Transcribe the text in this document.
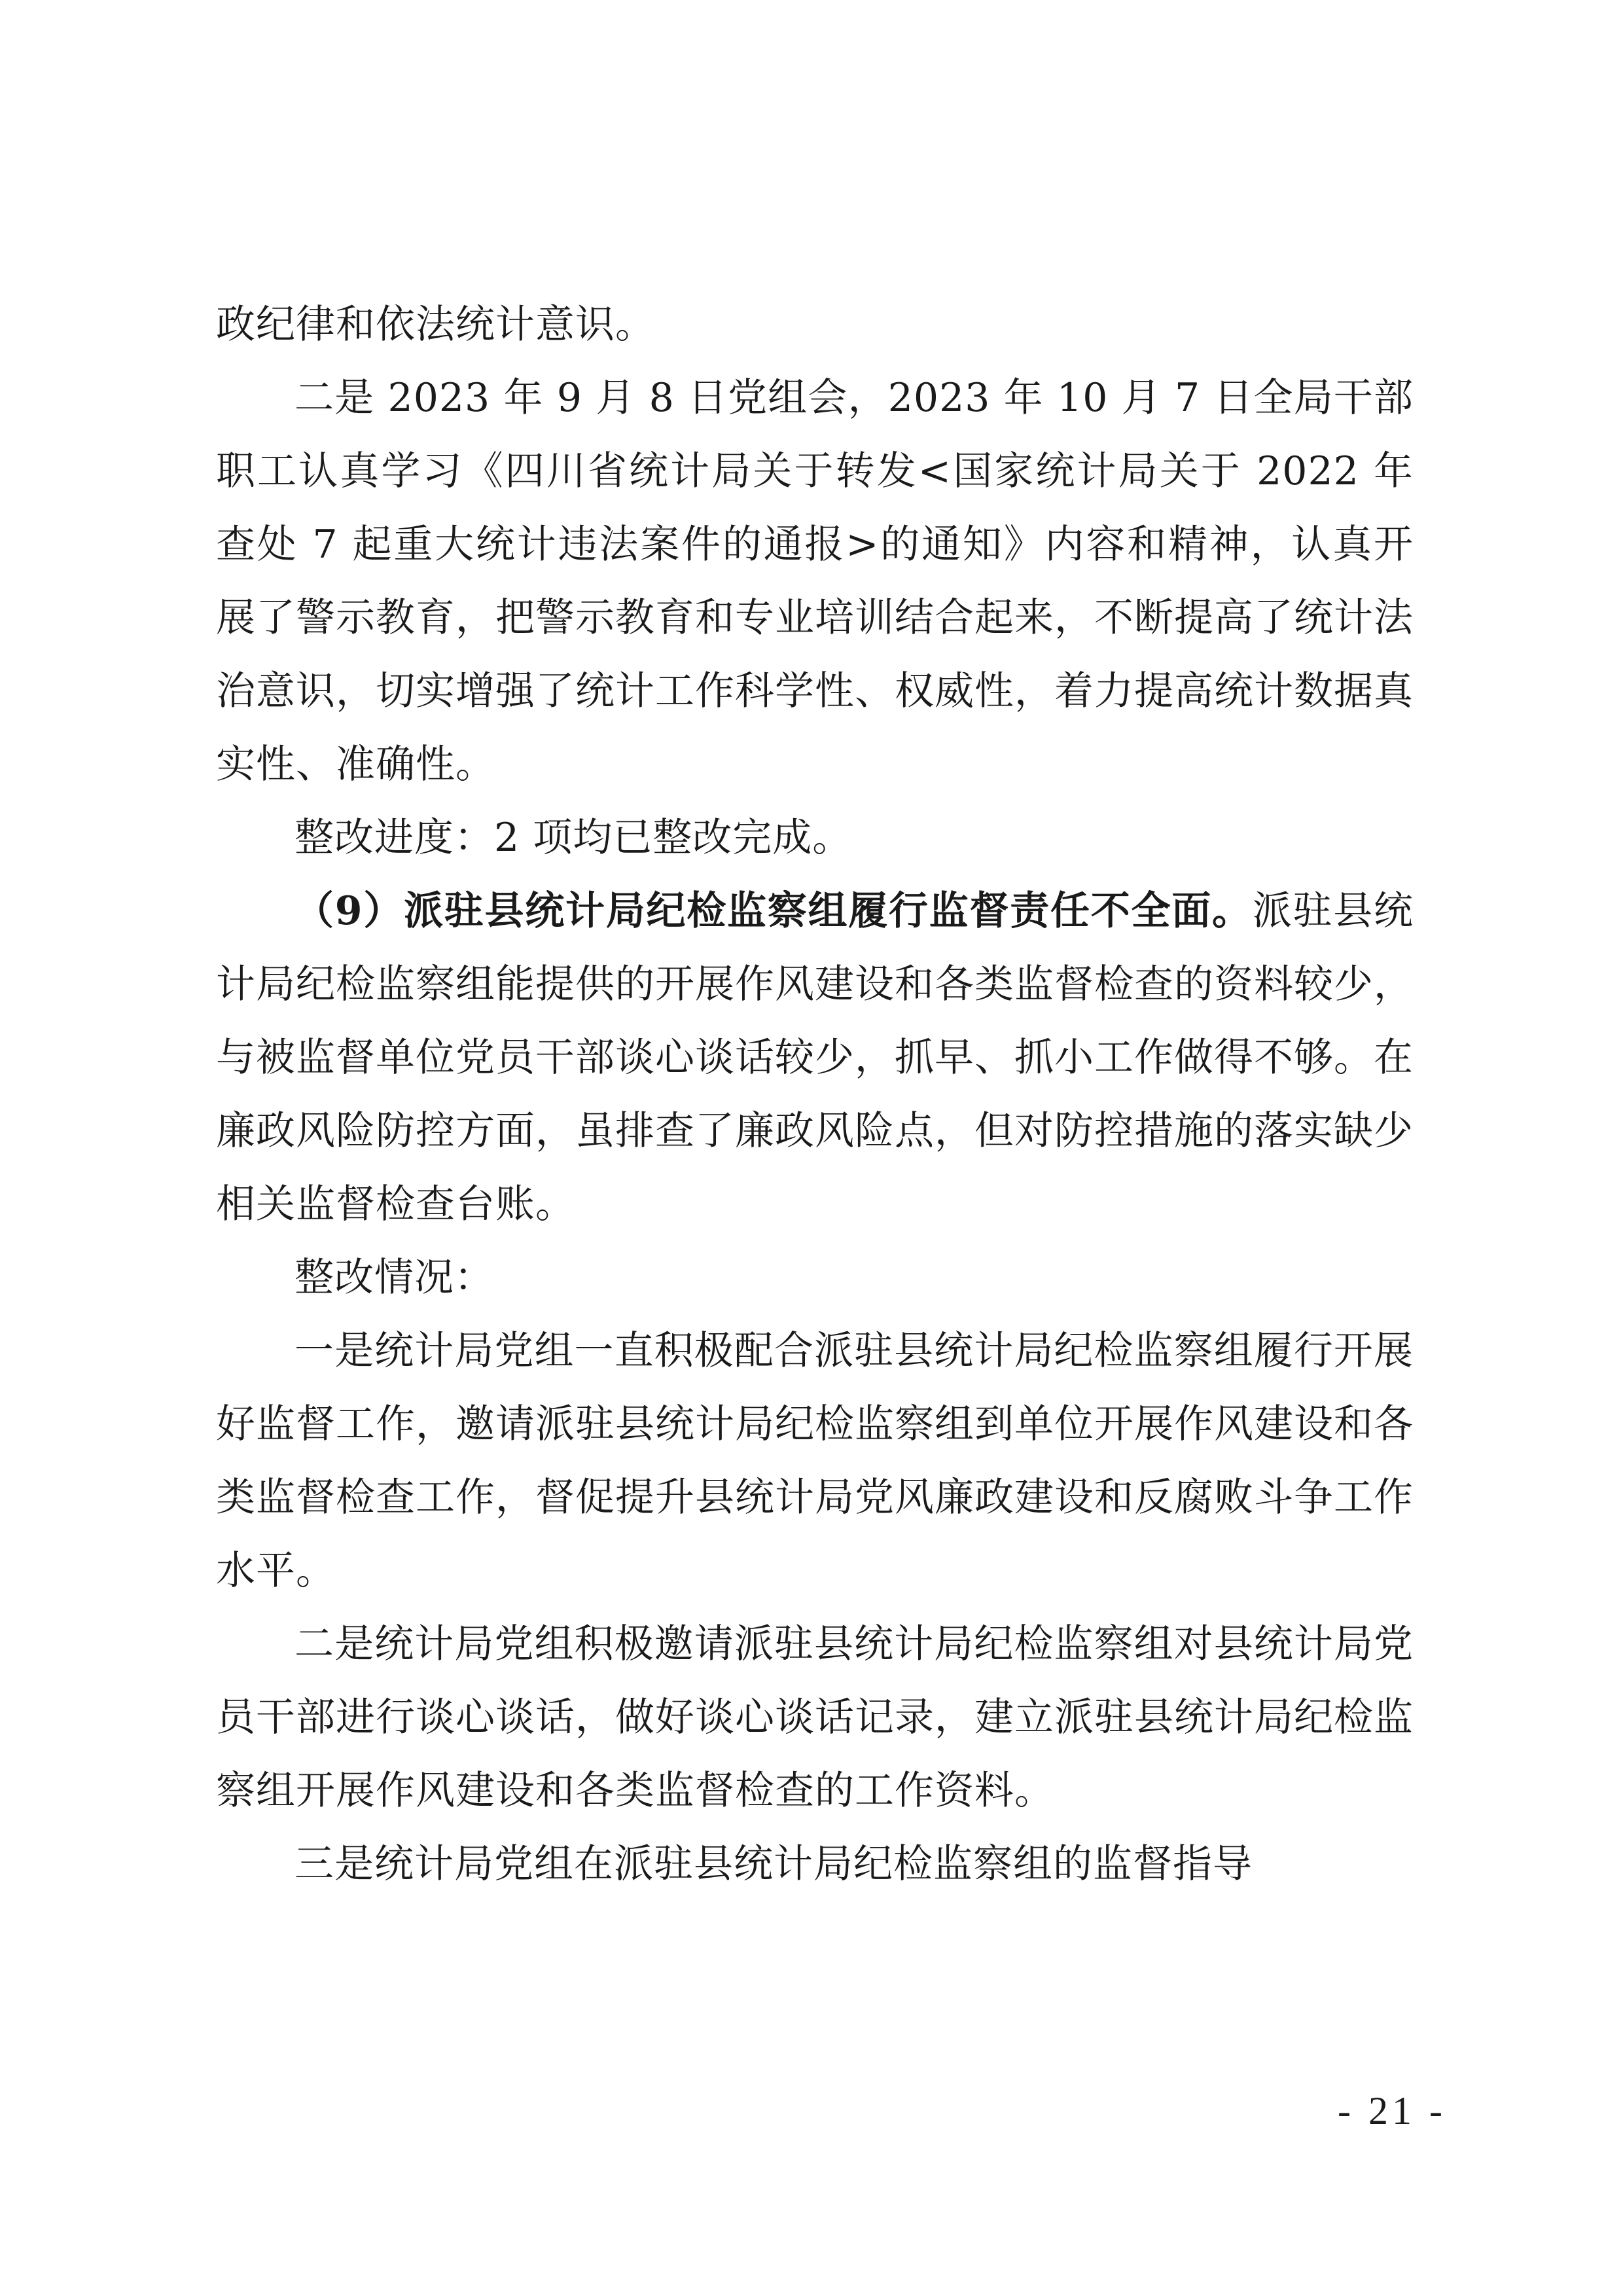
政纪律和依法统计意识。

二是 2023 年 9 月 8 日党组会，2023 年 10 月 7 日全局干部职工认真学习《四川省统计局关于转发<国家统计局关于 2022 年查处 7 起重大统计违法案件的通报>的通知》内容和精神，认真开展了警示教育，把警示教育和专业培训结合起来，不断提高了统计法治意识，切实增强了统计工作科学性、权威性，着力提高统计数据真实性、准确性。

整改进度：2 项均已整改完成。

（9）派驻县统计局纪检监察组履行监督责任不全面。派驻县统计局纪检监察组能提供的开展作风建设和各类监督检查的资料较少，与被监督单位党员干部谈心谈话较少，抓早、抓小工作做得不够。在廉政风险防控方面，虽排查了廉政风险点，但对防控措施的落实缺少相关监督检查台账。

整改情况：

一是统计局党组一直积极配合派驻县统计局纪检监察组履行开展好监督工作，邀请派驻县统计局纪检监察组到单位开展作风建设和各类监督检查工作，督促提升县统计局党风廉政建设和反腐败斗争工作水平。

二是统计局党组积极邀请派驻县统计局纪检监察组对县统计局党员干部进行谈心谈话，做好谈心谈话记录，建立派驻县统计局纪检监察组开展作风建设和各类监督检查的工作资料。

三是统计局党组在派驻县统计局纪检监察组的监督指导

- 21 -
